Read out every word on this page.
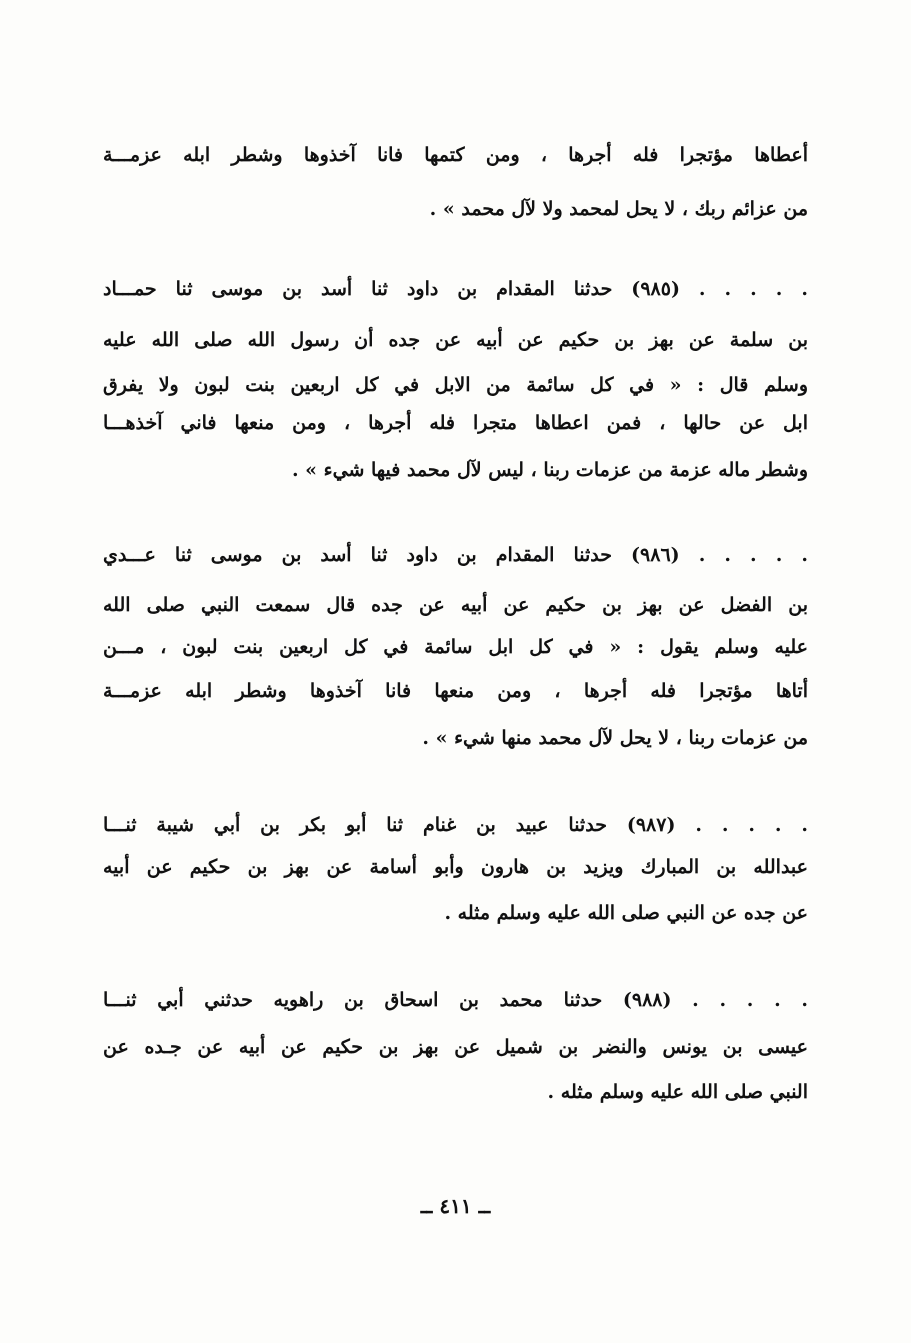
أعطاها مؤتجرا فله أجرها ، ومن كتمها فانا آخذوها وشطر ابله عزمـــة
من عزائم ربك ، لا يحل لمحمد ولا لآل محمد » .
. . . . . (٩٨٥) حدثنا المقدام بن داود ثنا أسد بن موسى ثنا حمـــاد
بن سلمة عن بهز بن حكيم عن أبيه عن جده أن رسول الله صلى الله عليه
وسلم قال : « في كل سائمة من الابل في كل اربعين بنت لبون ولا يفرق
ابل عن حالها ، فمن اعطاها متجرا فله أجرها ، ومن منعها فاني آخذهـــا
وشطر ماله عزمة من عزمات ربنا ، ليس لآل محمد فيها شيء » .
. . . . . (٩٨٦) حدثنا المقدام بن داود ثنا أسد بن موسى ثنا عـــدي
بن الفضل عن بهز بن حكيم عن أبيه عن جده قال سمعت النبي صلى الله
عليه وسلم يقول : « في كل ابل سائمة في كل اربعين بنت لبون ، مـــن
أتاها مؤتجرا فله أجرها ، ومن منعها فانا آخذوها وشطر ابله عزمـــة
من عزمات ربنا ، لا يحل لآل محمد منها شيء » .
. . . . . (٩٨٧) حدثنا عبيد بن غنام ثنا أبو بكر بن أبي شيبة ثنـــا
عبدالله بن المبارك ويزيد بن هارون وأبو أسامة عن بهز بن حكيم عن أبيه
عن جده عن النبي صلى الله عليه وسلم مثله .
. . . . . (٩٨٨) حدثنا محمد بن اسحاق بن راهويه حدثني أبي ثنـــا
عيسى بن يونس والنضر بن شميل عن بهز بن حكيم عن أبيه عن جـده عن
النبي صلى الله عليه وسلم مثله .
ــ ٤١١ ــ
